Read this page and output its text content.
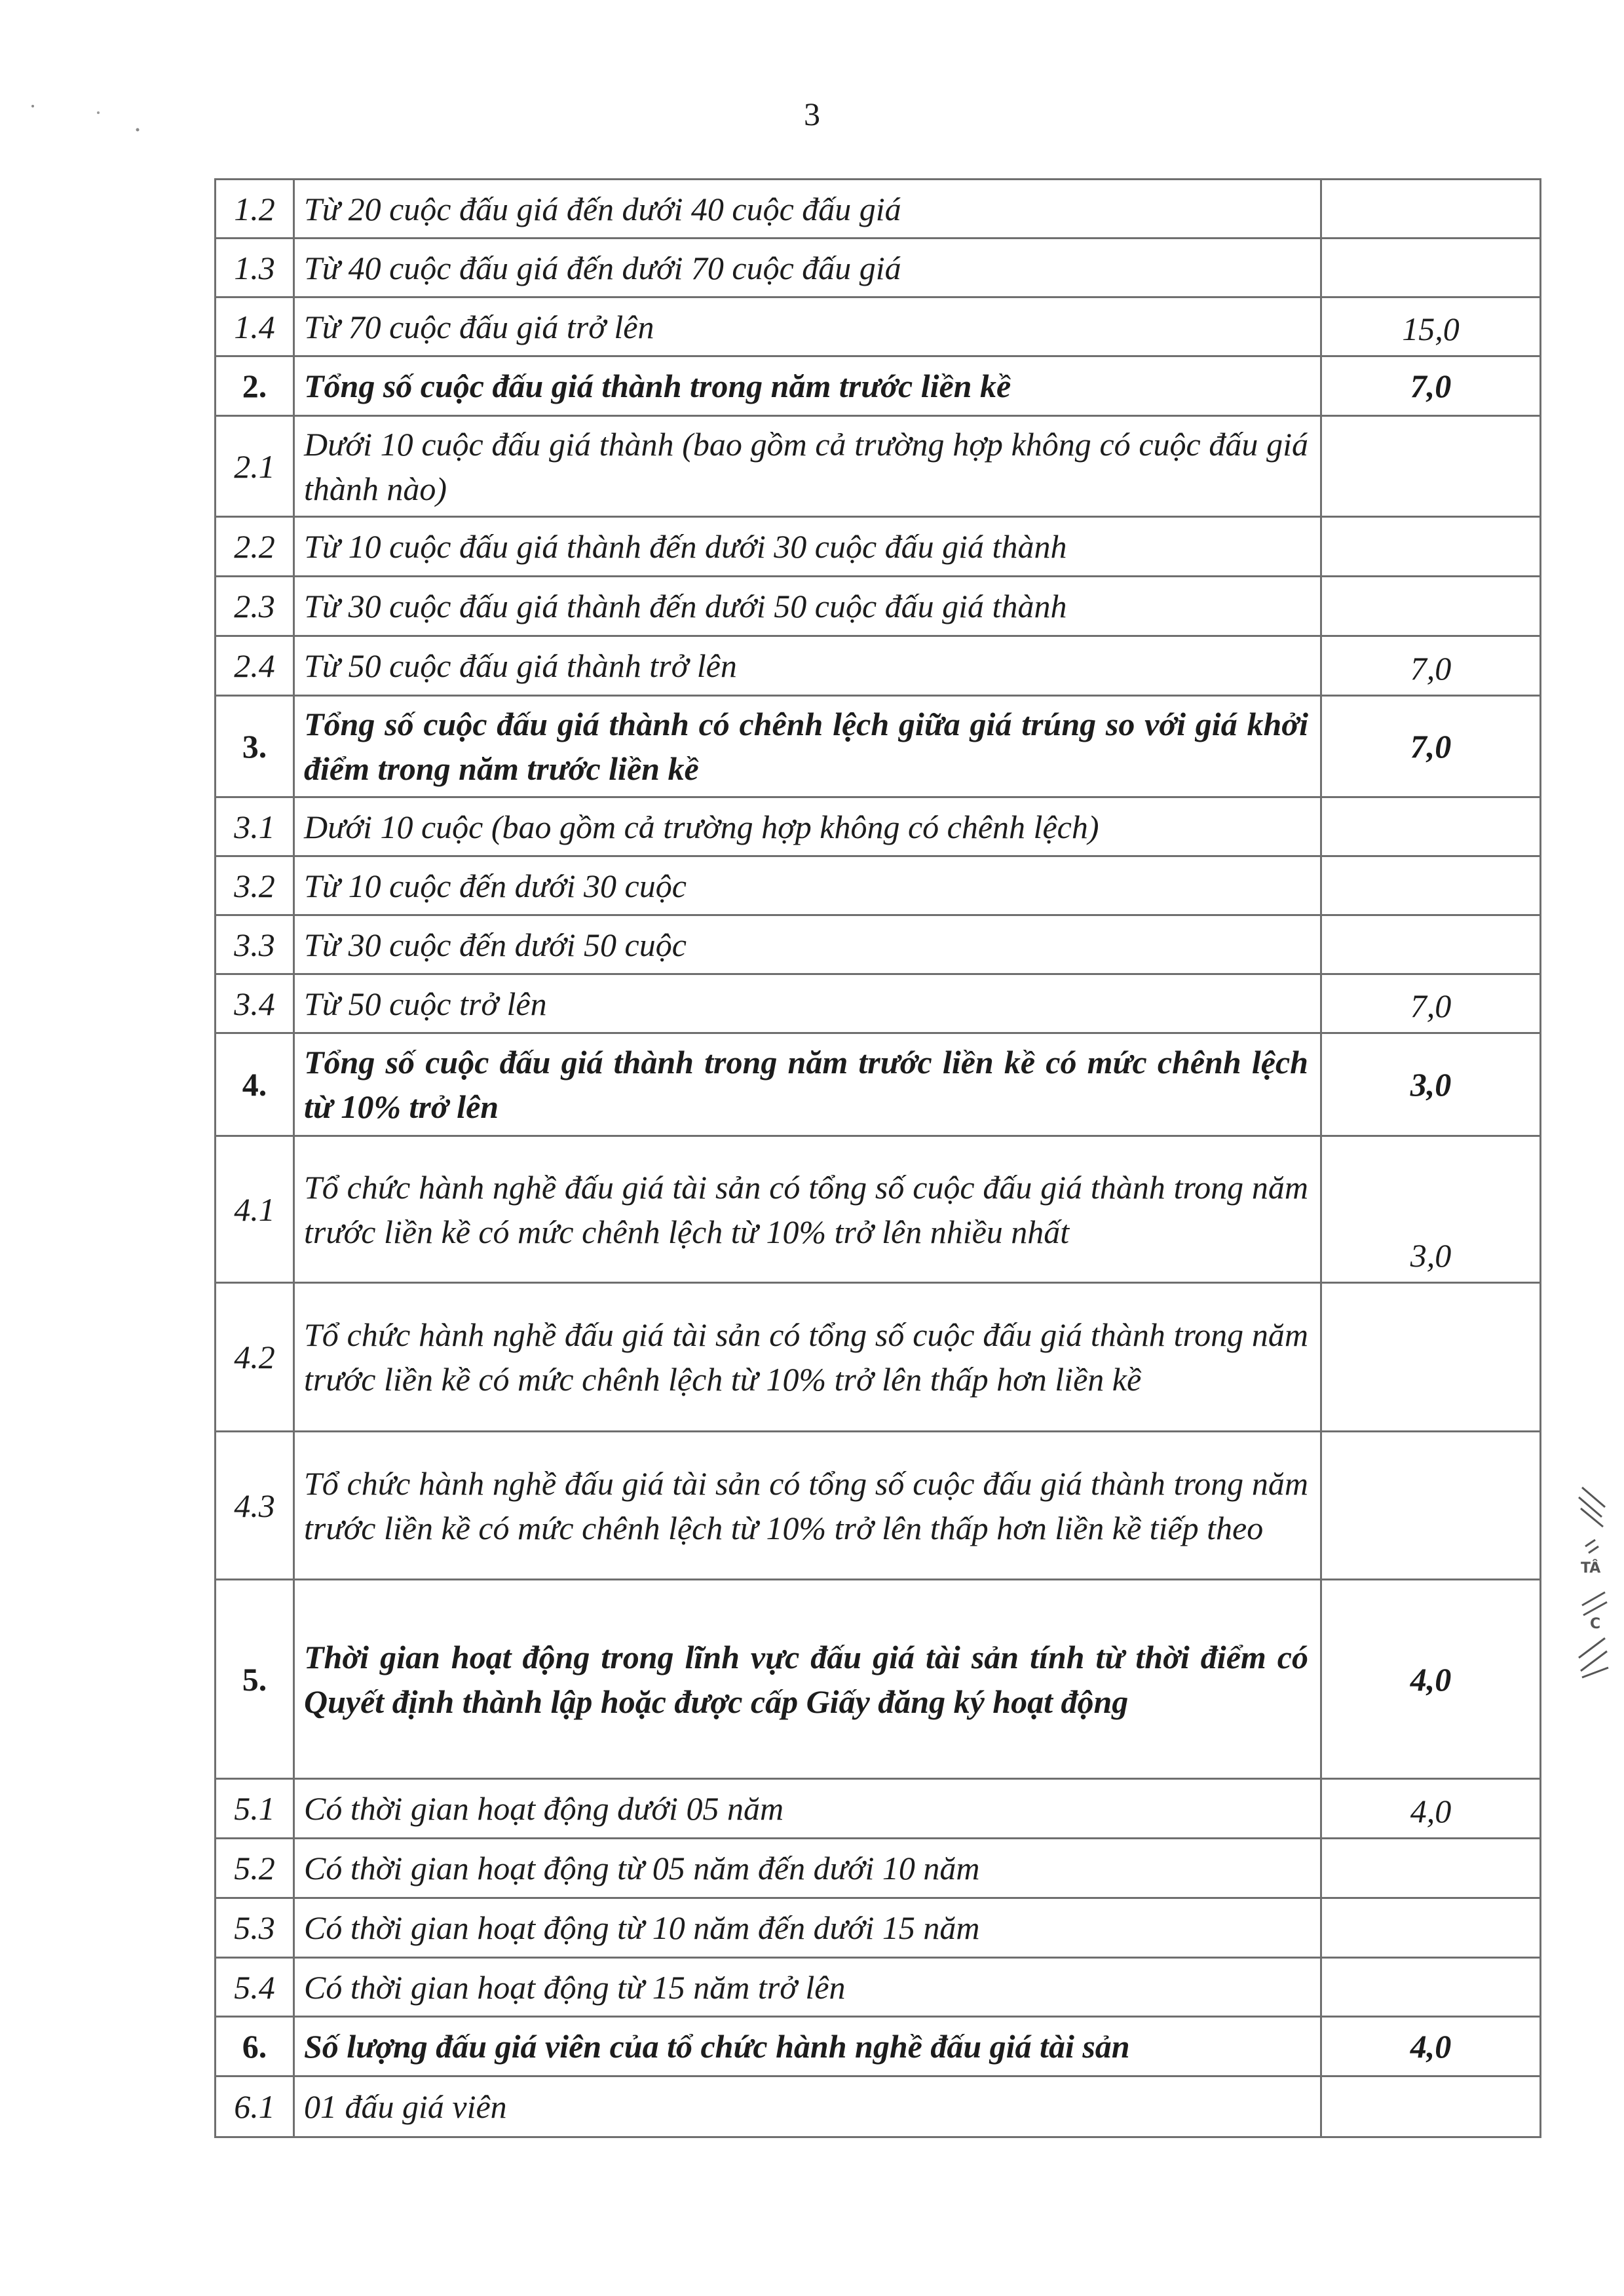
3
1.2	Từ 20 cuộc đấu giá đến dưới 40 cuộc đấu giá	
1.3	Từ 40 cuộc đấu giá đến dưới 70 cuộc đấu giá	
1.4	Từ 70 cuộc đấu giá trở lên	15,0
2.	Tổng số cuộc đấu giá thành trong năm trước liền kề	7,0
2.1	Dưới 10 cuộc đấu giá thành (bao gồm cả trường hợp không có cuộc đấu giá thành nào)	
2.2	Từ 10 cuộc đấu giá thành đến dưới 30 cuộc đấu giá thành	
2.3	Từ 30 cuộc đấu giá thành đến dưới 50 cuộc đấu giá thành	
2.4	Từ 50 cuộc đấu giá thành trở lên	7,0
3.	Tổng số cuộc đấu giá thành có chênh lệch giữa giá trúng so với giá khởi điểm trong năm trước liền kề	7,0
3.1	Dưới 10 cuộc (bao gồm cả trường hợp không có chênh lệch)	
3.2	Từ 10 cuộc đến dưới 30 cuộc	
3.3	Từ 30 cuộc đến dưới 50 cuộc	
3.4	Từ 50 cuộc trở lên	7,0
4.	Tổng số cuộc đấu giá thành trong năm trước liền kề có mức chênh lệch từ 10% trở lên	3,0
4.1	Tổ chức hành nghề đấu giá tài sản có tổng số cuộc đấu giá thành trong năm trước liền kề có mức chênh lệch từ 10% trở lên nhiều nhất	3,0
4.2	Tổ chức hành nghề đấu giá tài sản có tổng số cuộc đấu giá thành trong năm trước liền kề có mức chênh lệch từ 10% trở lên thấp hơn liền kề	
4.3	Tổ chức hành nghề đấu giá tài sản có tổng số cuộc đấu giá thành trong năm trước liền kề có mức chênh lệch từ 10% trở lên thấp hơn liền kề tiếp theo	
5.	Thời gian hoạt động trong lĩnh vực đấu giá tài sản tính từ thời điểm có Quyết định thành lập hoặc được cấp Giấy đăng ký hoạt động	4,0
5.1	Có thời gian hoạt động dưới 05 năm	4,0
5.2	Có thời gian hoạt động từ 05 năm đến dưới 10 năm	
5.3	Có thời gian hoạt động từ 10 năm đến dưới 15 năm	
5.4	Có thời gian hoạt động từ 15 năm trở lên	
6.	Số lượng đấu giá viên của tổ chức hành nghề đấu giá tài sản	4,0
6.1	01 đấu giá viên	
TÂ
C
